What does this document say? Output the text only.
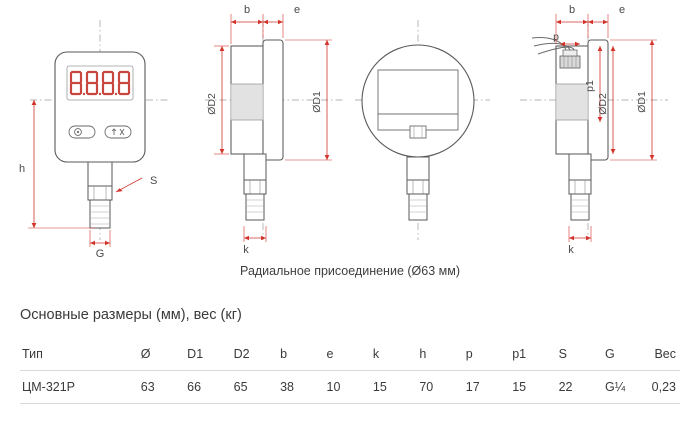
h
G
S
b	e
ØD2	ØD1
k
b	e
p
p1
ØD2	ØD1
k
Радиальное присоединение (Ø63 мм)
Основные размеры (мм), вес (кг)
Тип	Ø	D1	D2	b	e	k	h	p	p1	S	G	Вес
ЦМ-321Р	63	66	65	38	10	15	70	17	15	22	G¼	0,23
